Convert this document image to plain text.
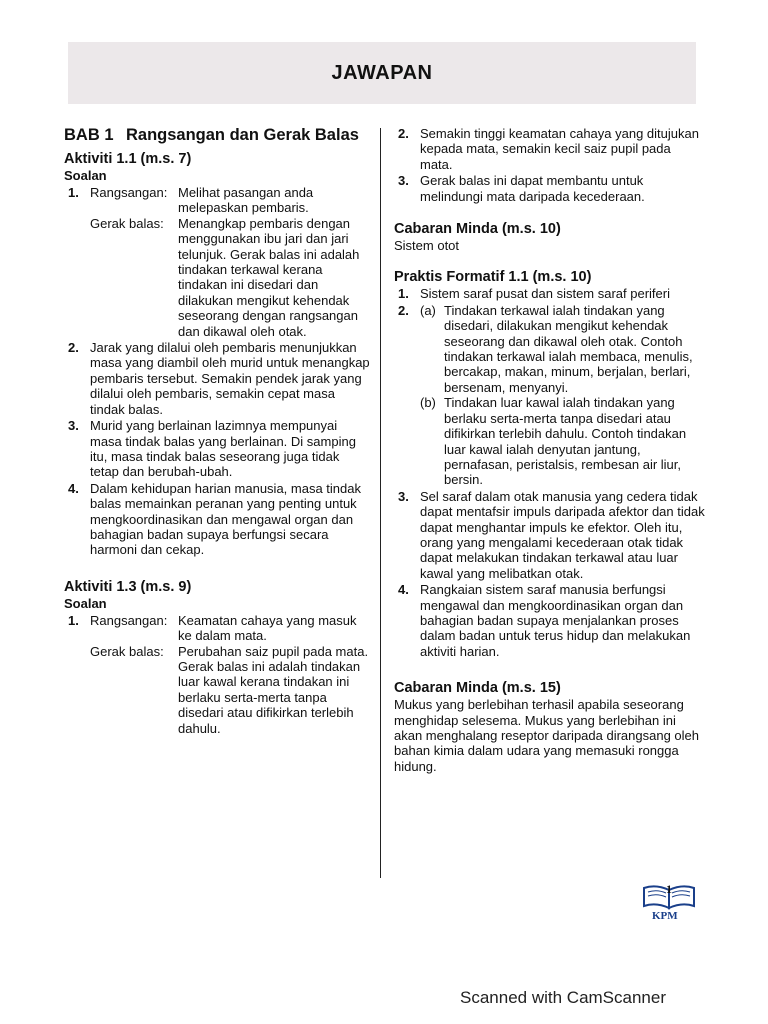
JAWAPAN
BAB 1 Rangsangan dan Gerak Balas
Aktiviti 1.1 (m.s. 7)
Soalan
1. Rangsangan: Melihat pasangan anda melepaskan pembaris.
Gerak balas:	Menangkap pembaris dengan menggunakan ibu jari dan jari telunjuk. Gerak balas ini adalah tindakan terkawal kerana tindakan ini disedari dan dilakukan mengikut kehendak seseorang dengan rangsangan dan dikawal oleh otak.
2. Jarak yang dilalui oleh pembaris menunjukkan masa yang diambil oleh murid untuk menangkap pembaris tersebut. Semakin pendek jarak yang dilalui oleh pembaris, semakin cepat masa tindak balas.
3. Murid yang berlainan lazimnya mempunyai masa tindak balas yang berlainan. Di samping itu, masa tindak balas seseorang juga tidak tetap dan berubah-ubah.
4. Dalam kehidupan harian manusia, masa tindak balas memainkan peranan yang penting untuk mengkoordinasikan dan mengawal organ dan bahagian badan supaya berfungsi secara harmoni dan cekap.
Aktiviti 1.3 (m.s. 9)
Soalan
1. Rangsangan: Keamatan cahaya yang masuk ke dalam mata.
Gerak balas:	Perubahan saiz pupil pada mata. Gerak balas ini adalah tindakan luar kawal kerana tindakan ini berlaku serta-merta tanpa disedari atau difikirkan terlebih dahulu.
2. Semakin tinggi keamatan cahaya yang ditujukan kepada mata, semakin kecil saiz pupil pada mata.
3. Gerak balas ini dapat membantu untuk melindungi mata daripada kecederaan.
Cabaran Minda (m.s. 10)

Sistem otot

Praktis Formatif 1.1 (m.s. 10)
1. Sistem saraf pusat dan sistem saraf periferi
2. (a) Tindakan terkawal ialah tindakan yang disedari, dilakukan mengikut kehendak seseorang dan dikawal oleh otak. Contoh tindakan terkawal ialah membaca, menulis, bercakap, makan, minum, berjalan, berlari, bersenam, menyanyi.
(b) Tindakan luar kawal ialah tindakan yang berlaku serta-merta tanpa disedari atau difikirkan terlebih dahulu. Contoh tindakan luar kawal ialah denyutan jantung, pernafasan, peristalsis, rembesan air liur, bersin.
3. Sel saraf dalam otak manusia yang cedera tidak dapat mentafsir impuls daripada afektor dan tidak dapat menghantar impuls ke efektor. Oleh itu, orang yang mengalami kecederaan otak tidak dapat melakukan tindakan terkawal atau luar kawal yang melibatkan otak.
4. Rangkaian sistem saraf manusia berfungsi mengawal dan mengkoordinasikan organ dan bahagian badan supaya menjalankan proses dalam badan untuk terus hidup dan melakukan aktiviti harian.
Cabaran Minda (m.s. 15)

Mukus yang berlebihan terhasil apabila seseorang menghidap selesema. Mukus yang berlebihan ini akan menghalang reseptor daripada dirangsang oleh bahan kimia dalam udara yang memasuki rongga hidung.

1
KPM
Scanned with CamScanner
